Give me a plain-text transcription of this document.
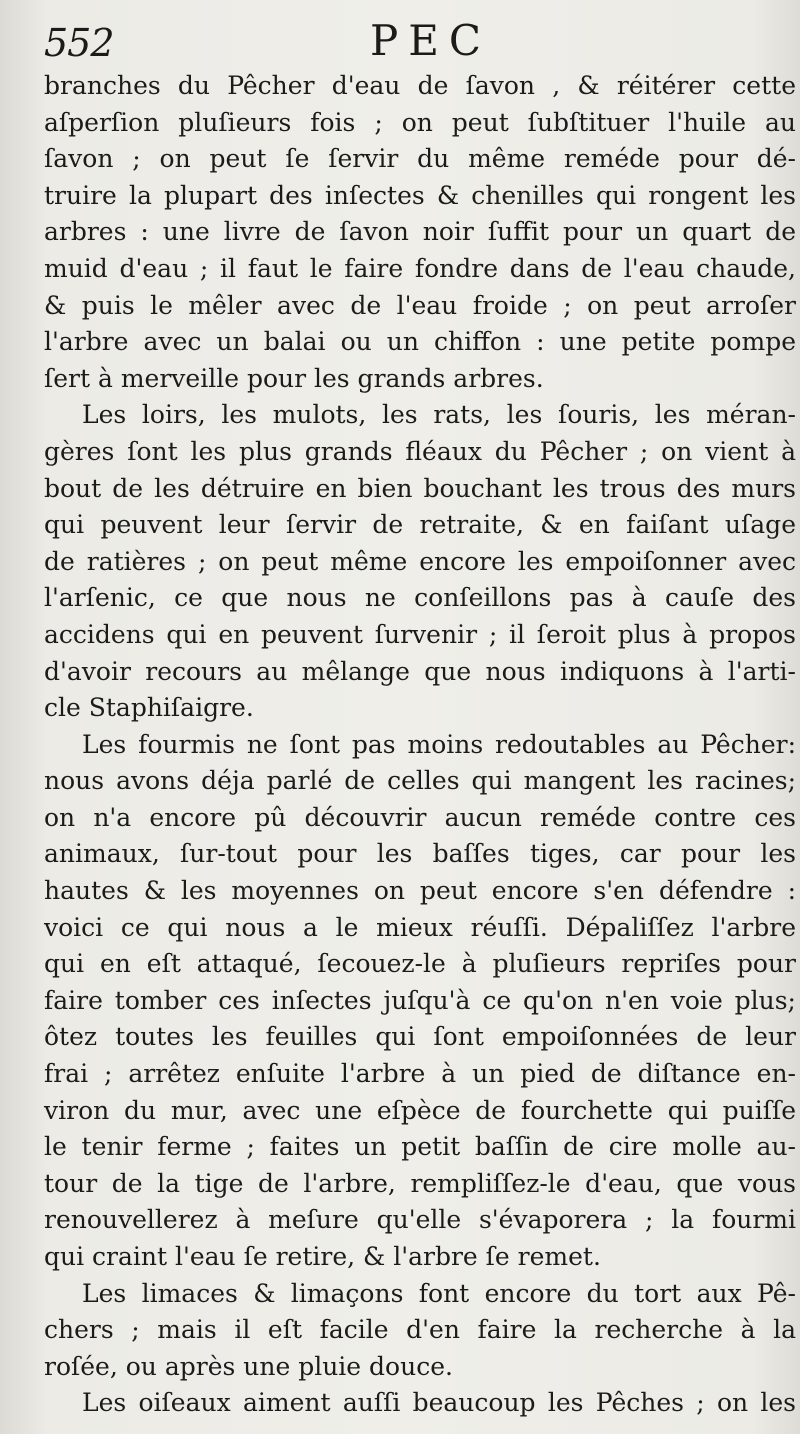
552	PEC
branches du Pêcher d'eau de ſavon , & réitérer cette
aſperſion pluſieurs fois ; on peut ſubſtituer l'huile au
ſavon ; on peut ſe ſervir du même reméde pour dé-
truire la plupart des inſectes & chenilles qui rongent les
arbres : une livre de ſavon noir ſuffit pour un quart de
muid d'eau ; il faut le faire fondre dans de l'eau chaude,
& puis le mêler avec de l'eau froide ; on peut arroſer
l'arbre avec un balai ou un chiffon : une petite pompe
ſert à merveille pour les grands arbres.
Les loirs, les mulots, les rats, les ſouris, les méran-
gères ſont les plus grands fléaux du Pêcher ; on vient à
bout de les détruire en bien bouchant les trous des murs
qui peuvent leur ſervir de retraite, & en faiſant uſage
de ratières ; on peut même encore les empoiſonner avec
l'arſenic, ce que nous ne conſeillons pas à cauſe des
accidens qui en peuvent ſurvenir ; il ſeroit plus à propos
d'avoir recours au mêlange que nous indiquons à l'arti-
cle Staphiſaigre.
Les fourmis ne ſont pas moins redoutables au Pêcher:
nous avons déja parlé de celles qui mangent les racines;
on n'a encore pû découvrir aucun reméde contre ces
animaux, ſur-tout pour les baſſes tiges, car pour les
hautes & les moyennes on peut encore s'en défendre :
voici ce qui nous a le mieux réuſſi. Dépaliſſez l'arbre
qui en eſt attaqué, ſecouez-le à pluſieurs repriſes pour
faire tomber ces inſectes juſqu'à ce qu'on n'en voie plus;
ôtez toutes les feuilles qui ſont empoiſonnées de leur
frai ; arrêtez enſuite l'arbre à un pied de diſtance en-
viron du mur, avec une eſpèce de fourchette qui puiſſe
le tenir ferme ; faites un petit baſſin de cire molle au-
tour de la tige de l'arbre, rempliſſez-le d'eau, que vous
renouvellerez à meſure qu'elle s'évaporera ; la fourmi
qui craint l'eau ſe retire, & l'arbre ſe remet.
Les limaces & limaçons font encore du tort aux Pê-
chers ; mais il eſt facile d'en faire la recherche à la
roſée, ou après une pluie douce.
Les oiſeaux aiment auſſi beaucoup les Pêches ; on les
